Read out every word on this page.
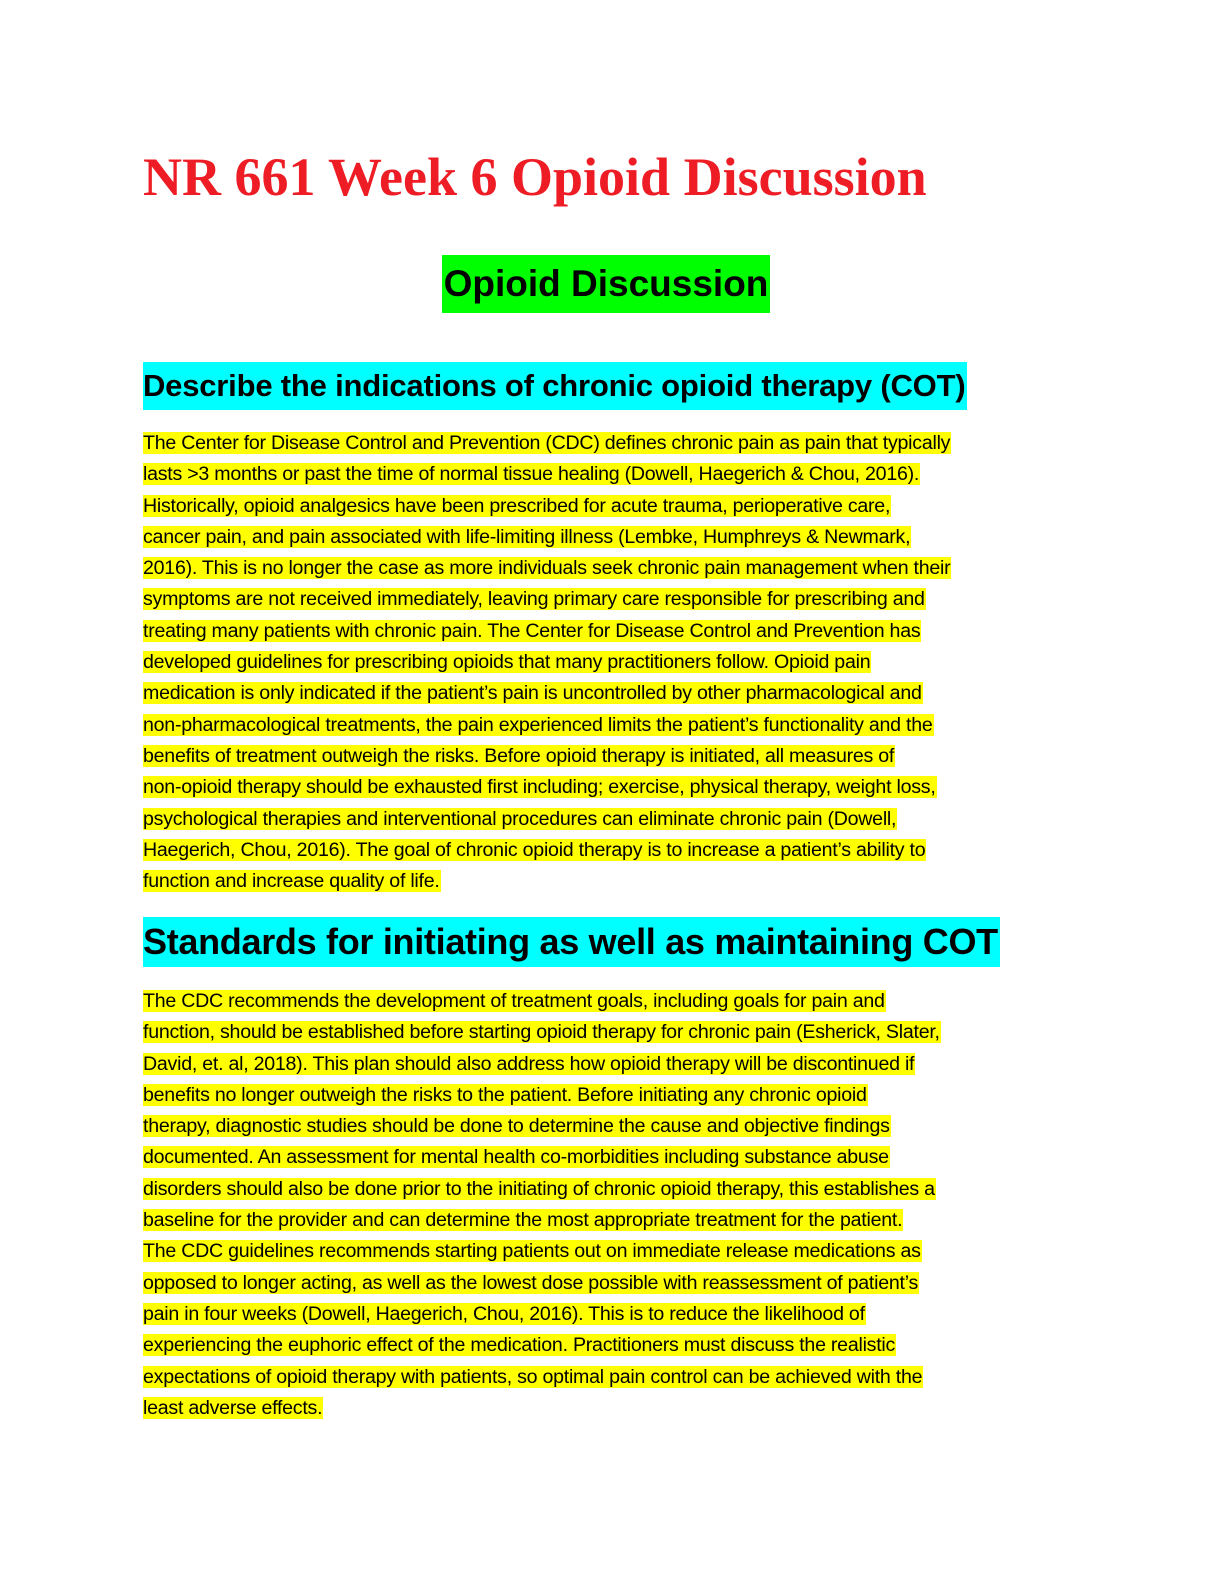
NR 661 Week 6 Opioid Discussion
Opioid Discussion
Describe the indications of chronic opioid therapy (COT)
The Center for Disease Control and Prevention (CDC) defines chronic pain as pain that typically
lasts >3 months or past the time of normal tissue healing (Dowell, Haegerich & Chou, 2016).
Historically, opioid analgesics have been prescribed for acute trauma, perioperative care,
cancer pain, and pain associated with life-limiting illness (Lembke, Humphreys & Newmark,
2016). This is no longer the case as more individuals seek chronic pain management when their
symptoms are not received immediately, leaving primary care responsible for prescribing and
treating many patients with chronic pain. The Center for Disease Control and Prevention has
developed guidelines for prescribing opioids that many practitioners follow. Opioid pain
medication is only indicated if the patient’s pain is uncontrolled by other pharmacological and
non-pharmacological treatments, the pain experienced limits the patient’s functionality and the
benefits of treatment outweigh the risks. Before opioid therapy is initiated, all measures of
non-opioid therapy should be exhausted first including; exercise, physical therapy, weight loss,
psychological therapies and interventional procedures can eliminate chronic pain (Dowell,
Haegerich, Chou, 2016). The goal of chronic opioid therapy is to increase a patient’s ability to
function and increase quality of life.
Standards for initiating as well as maintaining COT
The CDC recommends the development of treatment goals, including goals for pain and
function, should be established before starting opioid therapy for chronic pain (Esherick, Slater,
David, et. al, 2018). This plan should also address how opioid therapy will be discontinued if
benefits no longer outweigh the risks to the patient. Before initiating any chronic opioid
therapy, diagnostic studies should be done to determine the cause and objective findings
documented. An assessment for mental health co-morbidities including substance abuse
disorders should also be done prior to the initiating of chronic opioid therapy, this establishes a
baseline for the provider and can determine the most appropriate treatment for the patient.
The CDC guidelines recommends starting patients out on immediate release medications as
opposed to longer acting, as well as the lowest dose possible with reassessment of patient’s
pain in four weeks (Dowell, Haegerich, Chou, 2016). This is to reduce the likelihood of
experiencing the euphoric effect of the medication. Practitioners must discuss the realistic
expectations of opioid therapy with patients, so optimal pain control can be achieved with the
least adverse effects.
